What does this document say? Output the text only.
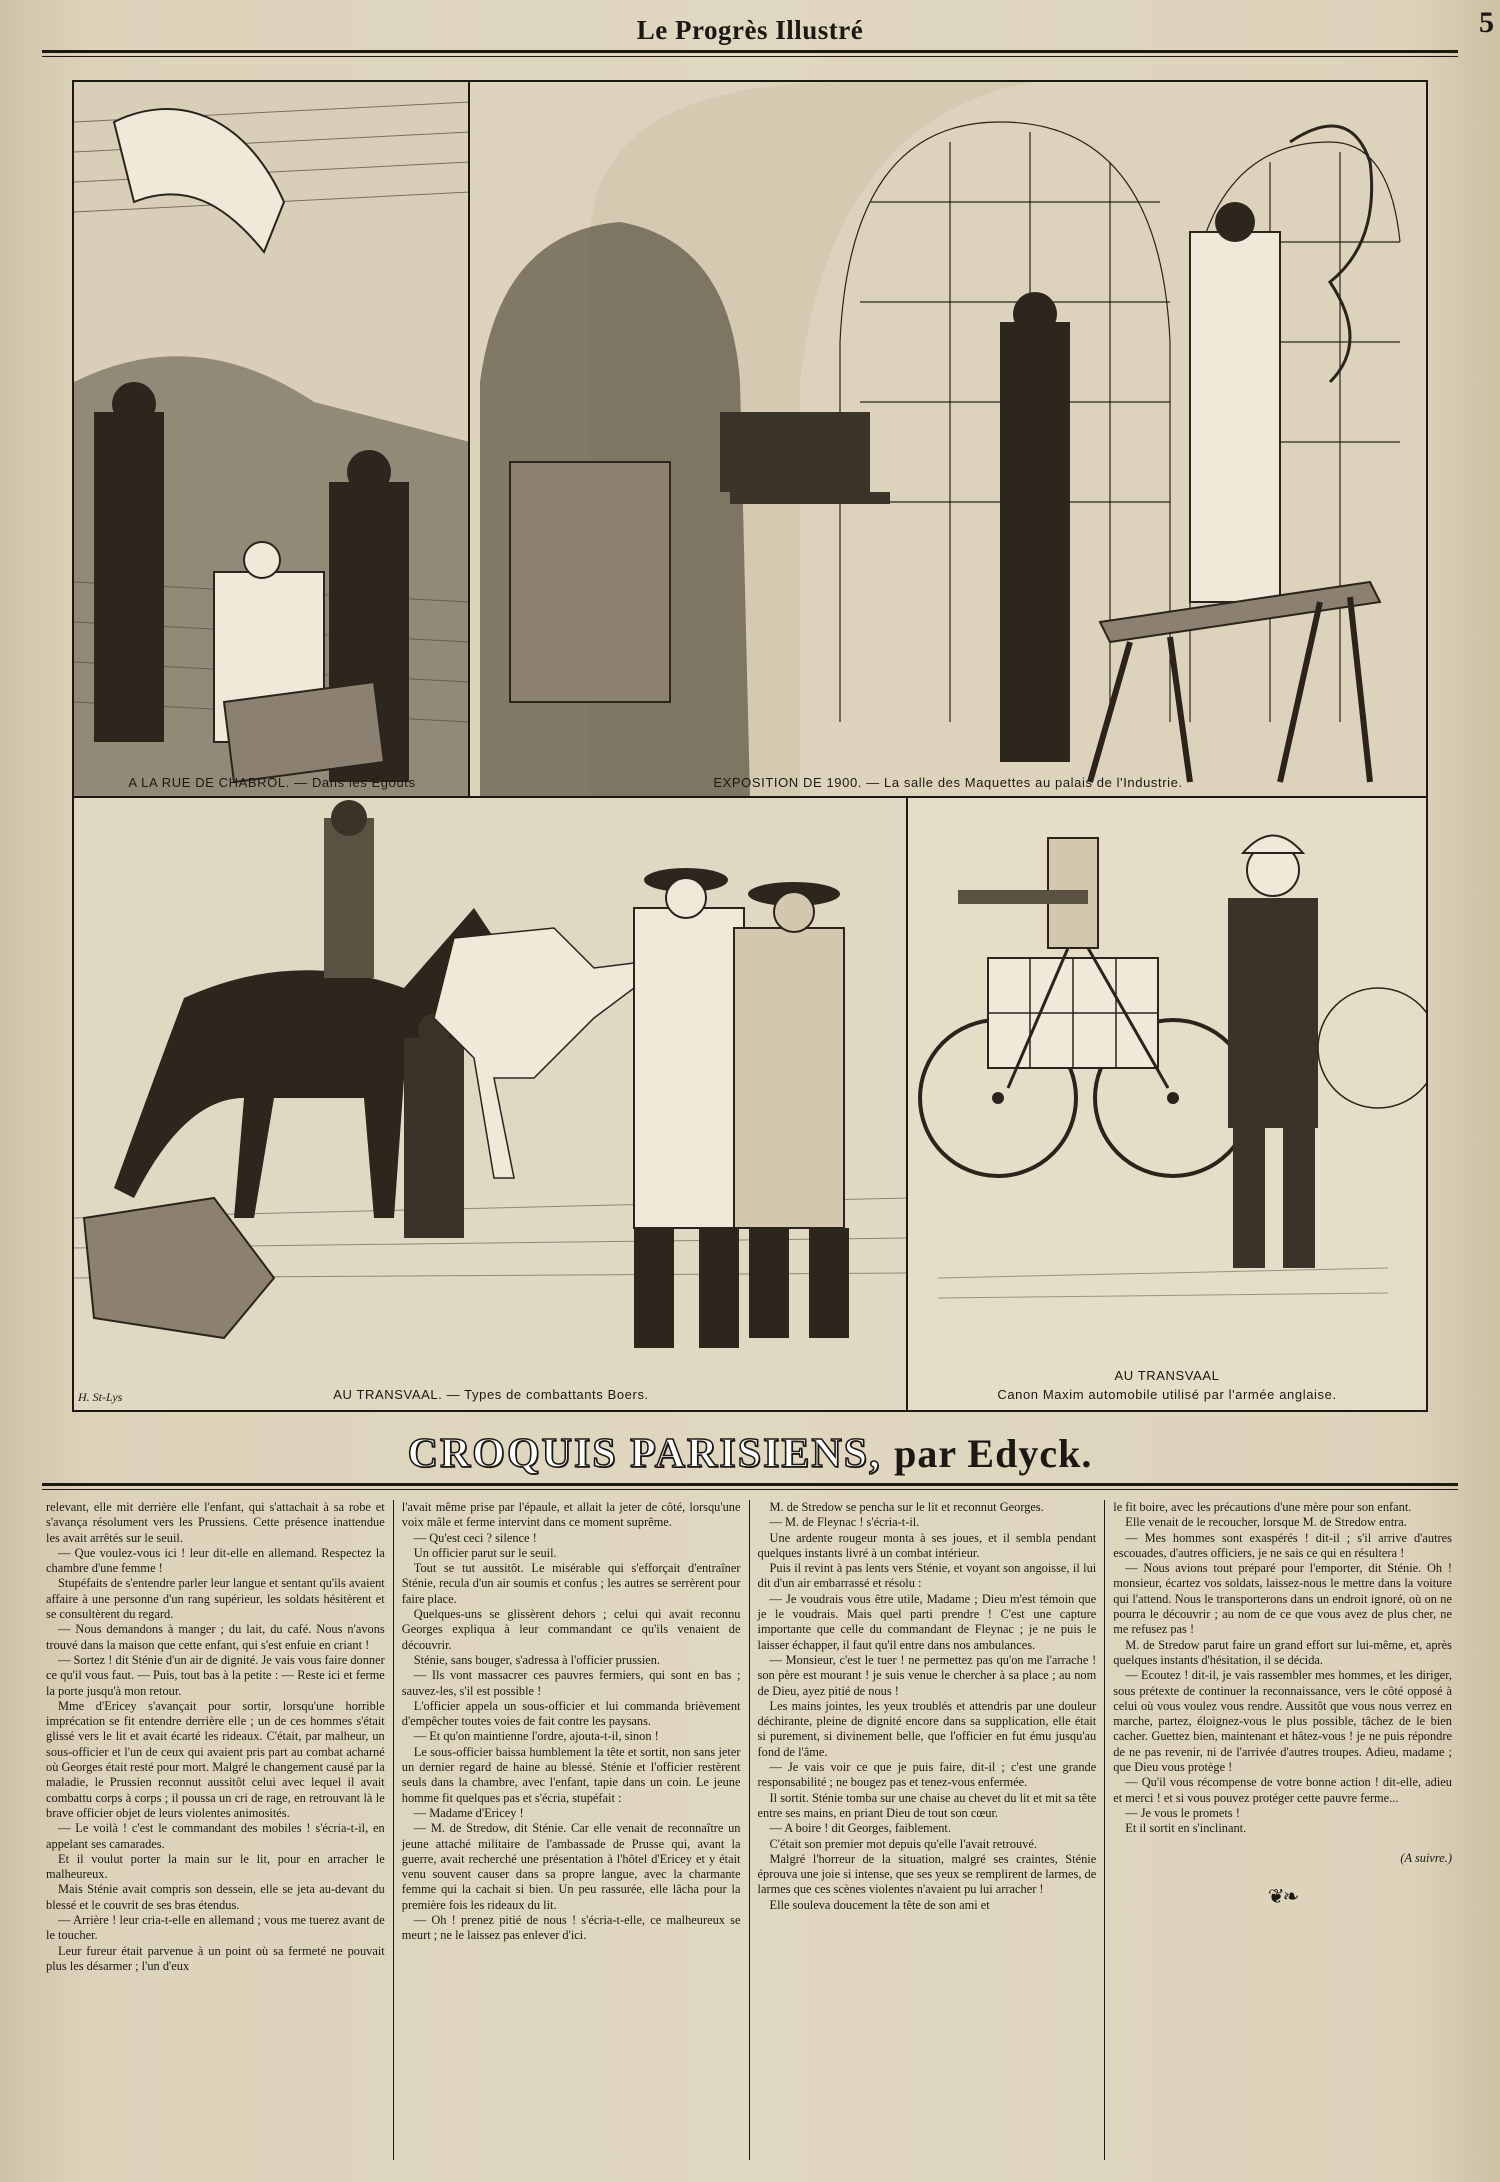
Le Progrès Illustré	5
A LA RUE DE CHABROL. — Dans les Egouts	EXPOSITION DE 1900. — La salle des Maquettes au palais de l'Industrie.
AU TRANSVAAL. — Types de combattants Boers.
AU TRANSVAAL
Canon Maxim automobile utilisé par l'armée anglaise.
H. St-Lys
CROQUIS PARISIENS, par Edyck.

relevant, elle mit derrière elle l'enfant, qui s'attachait à sa robe et s'avança résolument vers les Prussiens. Cette présence inattendue les avait arrêtés sur le seuil.

— Que voulez-vous ici ! leur dit-elle en allemand. Respectez la chambre d'une femme !

Stupéfaits de s'entendre parler leur langue et sentant qu'ils avaient affaire à une personne d'un rang supérieur, les soldats hésitèrent et se consultèrent du regard.

— Nous demandons à manger ; du lait, du café. Nous n'avons trouvé dans la maison que cette enfant, qui s'est enfuie en criant !

— Sortez ! dit Sténie d'un air de dignité. Je vais vous faire donner ce qu'il vous faut. — Puis, tout bas à la petite : — Reste ici et ferme la porte jusqu'à mon retour.

Mme d'Ericey s'avançait pour sortir, lorsqu'une horrible imprécation se fit entendre derrière elle ; un de ces hommes s'était glissé vers le lit et avait écarté les rideaux. C'était, par malheur, un sous-officier et l'un de ceux qui avaient pris part au combat acharné où Georges était resté pour mort. Malgré le changement causé par la maladie, le Prussien reconnut aussitôt celui avec lequel il avait combattu corps à corps ; il poussa un cri de rage, en retrouvant là le brave officier objet de leurs violentes animosités.

— Le voilà ! c'est le commandant des mobiles ! s'écria-t-il, en appelant ses camarades.

Et il voulut porter la main sur le lit, pour en arracher le malheureux.

Mais Sténie avait compris son dessein, elle se jeta au-devant du blessé et le couvrit de ses bras étendus.

— Arrière ! leur cria-t-elle en allemand ; vous me tuerez avant de le toucher.

Leur fureur était parvenue à un point où sa fermeté ne pouvait plus les désarmer ; l'un d'eux

l'avait même prise par l'épaule, et allait la jeter de côté, lorsqu'une voix mâle et ferme intervint dans ce moment suprême.

— Qu'est ceci ? silence !

Un officier parut sur le seuil.

Tout se tut aussitôt. Le misérable qui s'efforçait d'entraîner Sténie, recula d'un air soumis et confus ; les autres se serrèrent pour faire place.

Quelques-uns se glissèrent dehors ; celui qui avait reconnu Georges expliqua à leur commandant ce qu'ils venaient de découvrir.

Sténie, sans bouger, s'adressa à l'officier prussien.

— Ils vont massacrer ces pauvres fermiers, qui sont en bas ; sauvez-les, s'il est possible !

L'officier appela un sous-officier et lui commanda brièvement d'empêcher toutes voies de fait contre les paysans.

— Et qu'on maintienne l'ordre, ajouta-t-il, sinon !

Le sous-officier baissa humblement la tête et sortit, non sans jeter un dernier regard de haine au blessé. Sténie et l'officier restèrent seuls dans la chambre, avec l'enfant, tapie dans un coin. Le jeune homme fit quelques pas et s'écria, stupéfait :

— Madame d'Ericey !

— M. de Stredow, dit Sténie. Car elle venait de reconnaître un jeune attaché militaire de l'ambassade de Prusse qui, avant la guerre, avait recherché une présentation à l'hôtel d'Ericey et y était venu souvent causer dans sa propre langue, avec la charmante femme qui la cachait si bien. Un peu rassurée, elle lâcha pour la première fois les rideaux du lit.

— Oh ! prenez pitié de nous ! s'écria-t-elle, ce malheureux se meurt ; ne le laissez pas enlever d'ici.

M. de Stredow se pencha sur le lit et reconnut Georges.

— M. de Fleynac ! s'écria-t-il.

Une ardente rougeur monta à ses joues, et il sembla pendant quelques instants livré à un combat intérieur.

Puis il revint à pas lents vers Sténie, et voyant son angoisse, il lui dit d'un air embarrassé et résolu :

— Je voudrais vous être utile, Madame ; Dieu m'est témoin que je le voudrais. Mais quel parti prendre ! C'est une capture importante que celle du commandant de Fleynac ; je ne puis le laisser échapper, il faut qu'il entre dans nos ambulances.

— Monsieur, c'est le tuer ! ne permettez pas qu'on me l'arrache ! son père est mourant ! je suis venue le chercher à sa place ; au nom de Dieu, ayez pitié de nous !

Les mains jointes, les yeux troublés et attendris par une douleur déchirante, pleine de dignité encore dans sa supplication, elle était si purement, si divinement belle, que l'officier en fut ému jusqu'au fond de l'âme.

— Je vais voir ce que je puis faire, dit-il ; c'est une grande responsabilité ; ne bougez pas et tenez-vous enfermée.

Il sortit. Sténie tomba sur une chaise au chevet du lit et mit sa tête entre ses mains, en priant Dieu de tout son cœur.

— A boire ! dit Georges, faiblement.

C'était son premier mot depuis qu'elle l'avait retrouvé.

Malgré l'horreur de la situation, malgré ses craintes, Sténie éprouva une joie si intense, que ses yeux se remplirent de larmes, de larmes que ces scènes violentes n'avaient pu lui arracher !

Elle souleva doucement la tête de son ami et

le fit boire, avec les précautions d'une mère pour son enfant.

Elle venait de le recoucher, lorsque M. de Stredow entra.

— Mes hommes sont exaspérés ! dit-il ; s'il arrive d'autres escouades, d'autres officiers, je ne sais ce qui en résultera !

— Nous avions tout préparé pour l'emporter, dit Sténie. Oh ! monsieur, écartez vos soldats, laissez-nous le mettre dans la voiture qui l'attend. Nous le transporterons dans un endroit ignoré, où on ne pourra le découvrir ; au nom de ce que vous avez de plus cher, ne me refusez pas !

M. de Stredow parut faire un grand effort sur lui-même, et, après quelques instants d'hésitation, il se décida.

— Ecoutez ! dit-il, je vais rassembler mes hommes, et les diriger, sous prétexte de continuer la reconnaissance, vers le côté opposé à celui où vous voulez vous rendre. Aussitôt que vous nous verrez en marche, partez, éloignez-vous le plus possible, tâchez de le bien cacher. Guettez bien, maintenant et hâtez-vous ! je ne puis répondre de ne pas revenir, ni de l'arrivée d'autres troupes. Adieu, madame ; que Dieu vous protège !

— Qu'il vous récompense de votre bonne action ! dit-elle, adieu et merci ! et si vous pouvez protéger cette pauvre ferme...

— Je vous le promets !

Et il sortit en s'inclinant.

(A suivre.)

❦❧
